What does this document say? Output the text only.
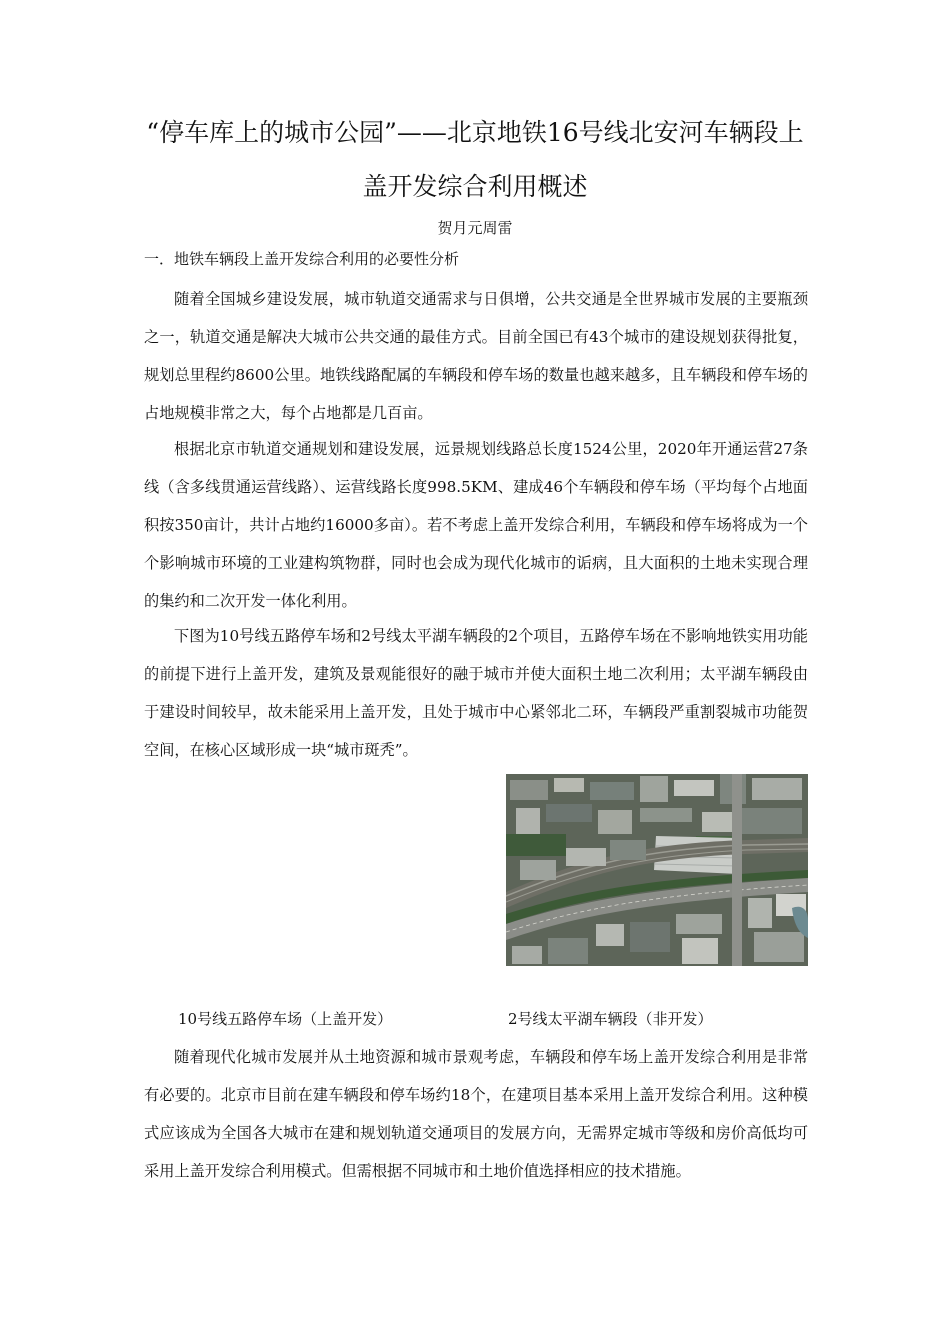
“停车库上的城市公园”——北京地铁16号线北安河车辆段上
盖开发综合利用概述
贺月元周雷
一．地铁车辆段上盖开发综合利用的必要性分析

随着全国城乡建设发展，城市轨道交通需求与日俱增，公共交通是全世界城市发展的主要瓶颈之一，轨道交通是解决大城市公共交通的最佳方式。目前全国已有43个城市的建设规划获得批复，规划总里程约8600公里。地铁线路配属的车辆段和停车场的数量也越来越多，且车辆段和停车场的占地规模非常之大，每个占地都是几百亩。

根据北京市轨道交通规划和建设发展，远景规划线路总长度1524公里，2020年开通运营27条线（含多线贯通运营线路）、运营线路长度998.5KM、建成46个车辆段和停车场（平均每个占地面积按350亩计，共计占地约16000多亩）。若不考虑上盖开发综合利用，车辆段和停车场将成为一个个影响城市环境的工业建构筑物群，同时也会成为现代化城市的诟病，且大面积的土地未实现合理的集约和二次开发一体化利用。

下图为10号线五路停车场和2号线太平湖车辆段的2个项目，五路停车场在不影响地铁实用功能的前提下进行上盖开发，建筑及景观能很好的融于城市并使大面积土地二次利用；太平湖车辆段由于建设时间较早，故未能采用上盖开发，且处于城市中心紧邻北二环，车辆段严重割裂城市功能贺空间，在核心区域形成一块“城市斑秃”。

10号线五路停车场（上盖开发）	2号线太平湖车辆段（非开发）

随着现代化城市发展并从土地资源和城市景观考虑，车辆段和停车场上盖开发综合利用是非常有必要的。北京市目前在建车辆段和停车场约18个，在建项目基本采用上盖开发综合利用。这种模式应该成为全国各大城市在建和规划轨道交通项目的发展方向，无需界定城市等级和房价高低均可采用上盖开发综合利用模式。但需根据不同城市和土地价值选择相应的技术措施。
